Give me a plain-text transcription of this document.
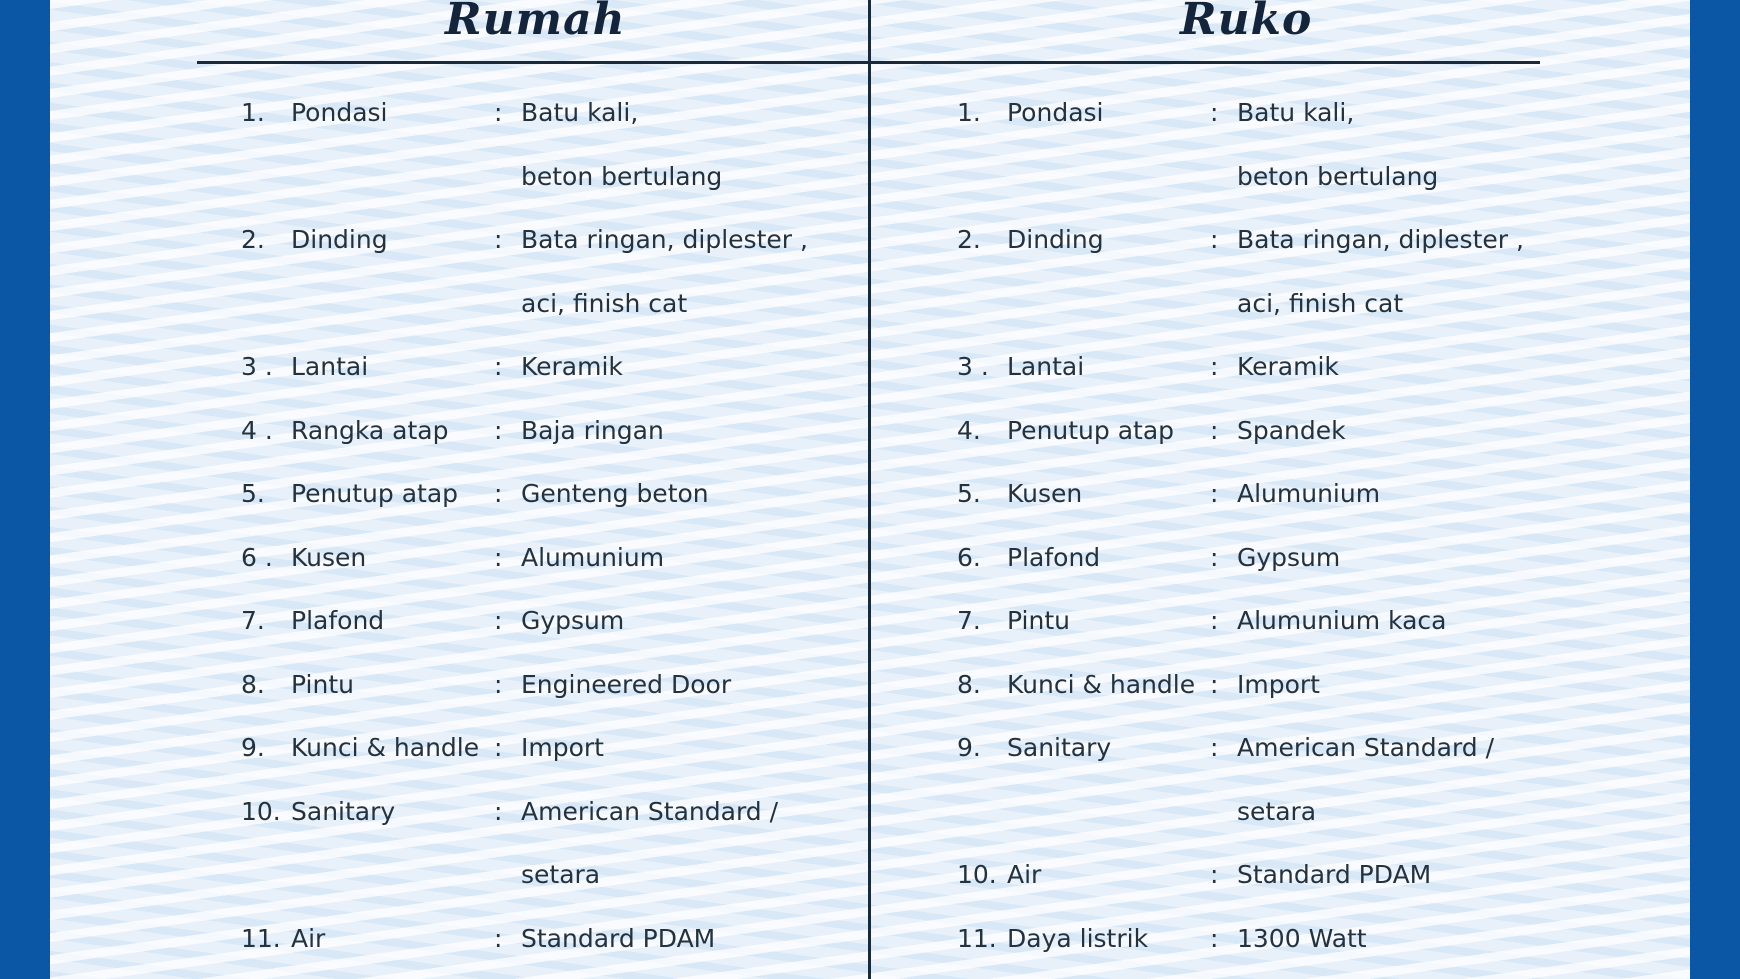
Rumah	Ruko
1. Pondasi	: Batu kali,
beton bertulang
2. Dinding	: Bata ringan, diplester ,
aci, finish cat
3 . Lantai	: Keramik
4 . Rangka atap : Baja ringan
5. Penutup atap : Genteng beton
6 . Kusen	: Alumunium
7. Plafond	: Gypsum
8. Pintu	: Engineered Door
9. Kunci & handle : Import
10. Sanitary	: American Standard /
setara
11. Air	: Standard PDAM
1. Pondasi	: Batu kali,
beton bertulang
2. Dinding	: Bata ringan, diplester ,
aci, finish cat
3 . Lantai	: Keramik
4. Penutup atap : Spandek
5. Kusen	: Alumunium
6. Plafond	: Gypsum
7. Pintu	: Alumunium kaca
8. Kunci & handle : Import
9. Sanitary	: American Standard /
setara
10. Air	: Standard PDAM
11. Daya listrik : 1300 Watt
